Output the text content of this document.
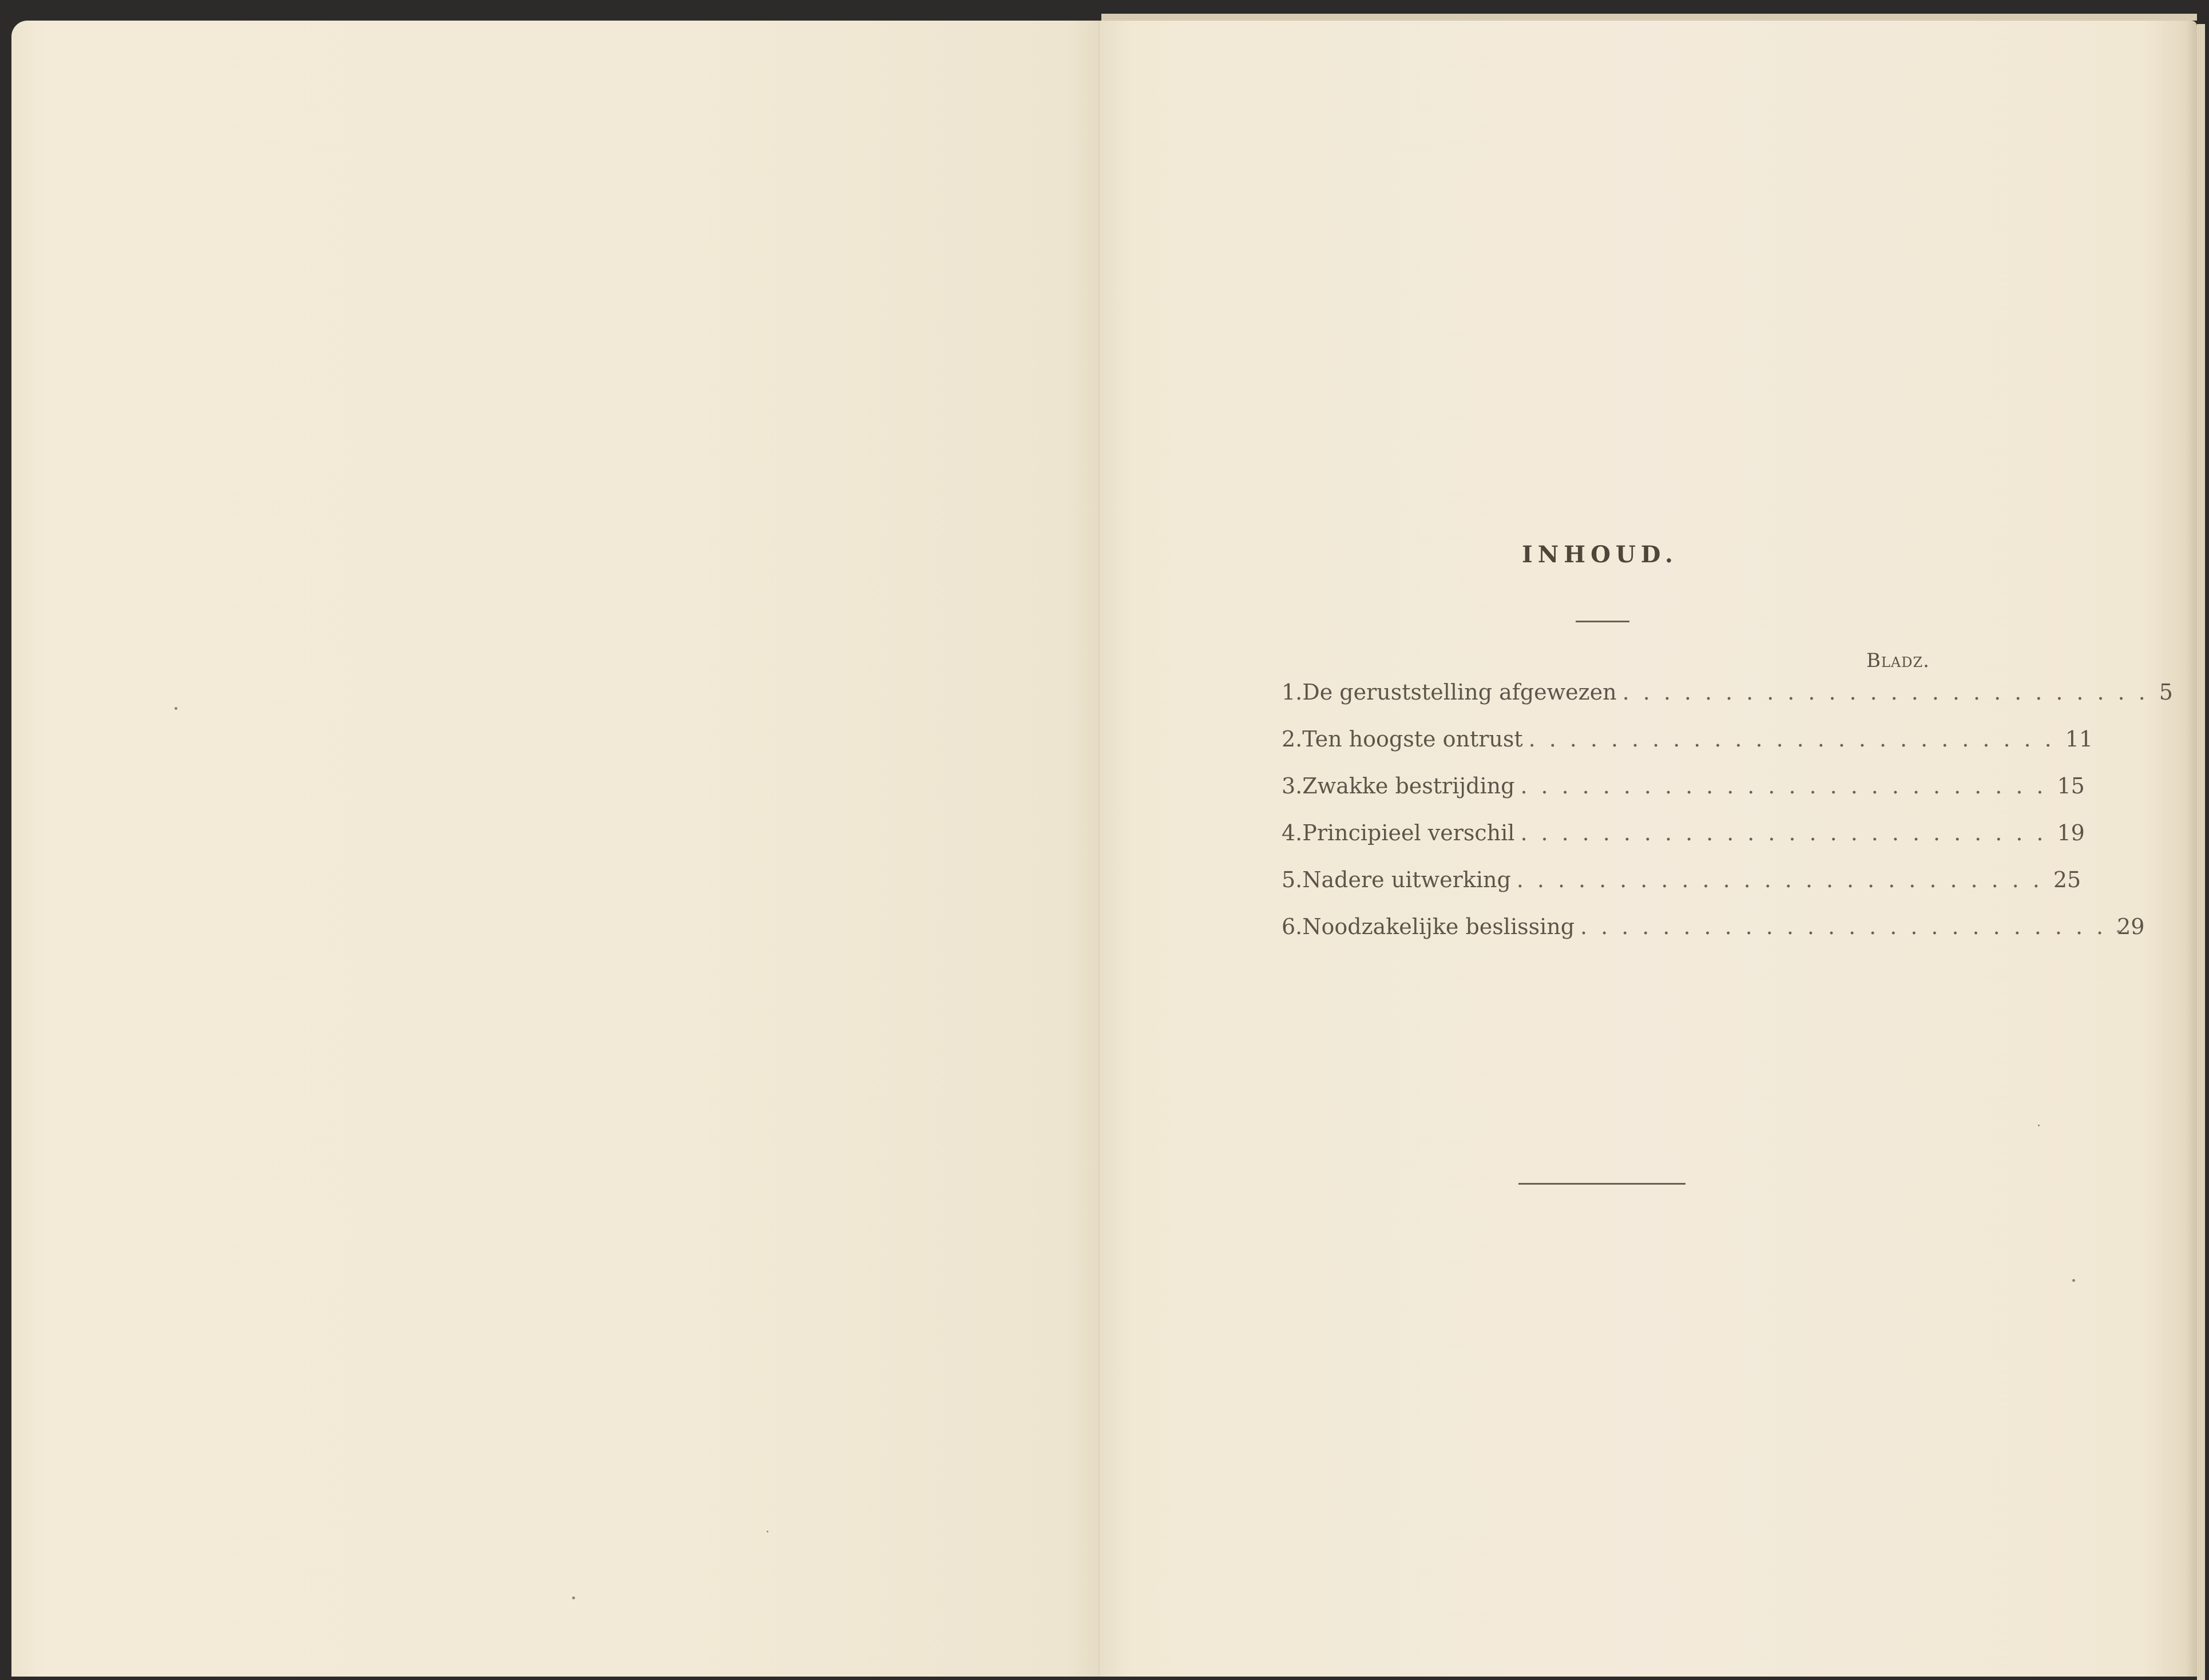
INHOUD.
Bladz.
1. De geruststelling afgewezen .......................... 5
2. Ten hoogste ontrust .......................... 11
3. Zwakke bestrijding .......................... 15
4. Principieel verschil .......................... 19
5. Nadere uitwerking .......................... 25
6. Noodzakelijke beslissing .......................... 29
